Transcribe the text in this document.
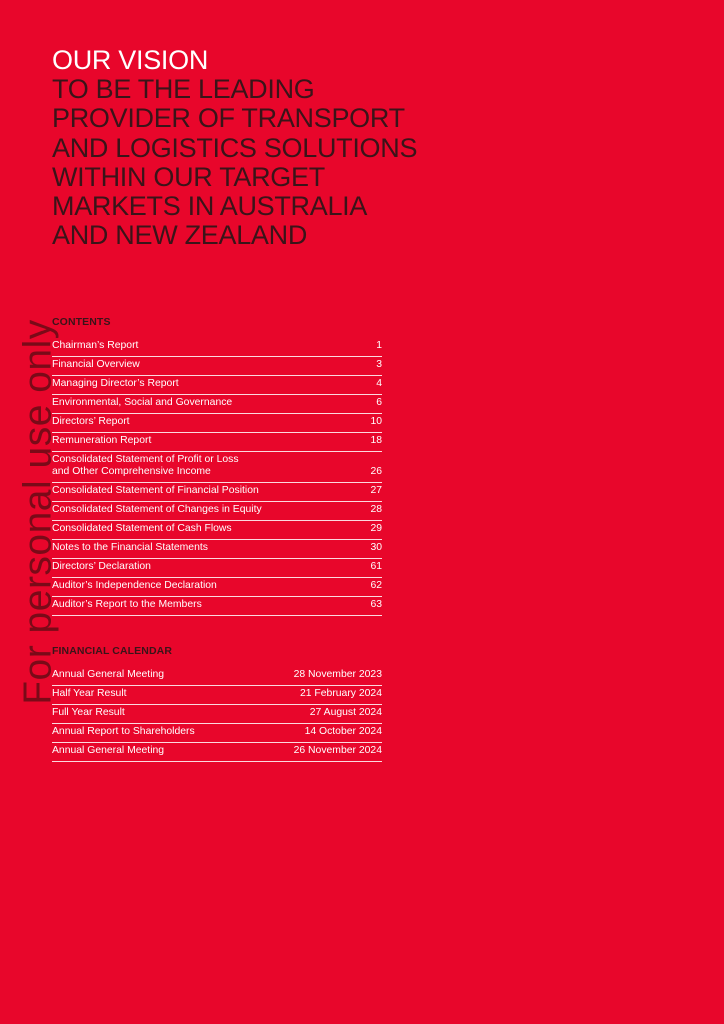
For personal use only
OUR VISION
TO BE THE LEADING
PROVIDER OF TRANSPORT
AND LOGISTICS SOLUTIONS
WITHIN OUR TARGET
MARKETS IN AUSTRALIA
AND NEW ZEALAND
CONTENTS
Chairman’s Report	1
Financial Overview	3
Managing Director’s Report	4
Environmental, Social and Governance	6
Directors’ Report	10
Remuneration Report	18
Consolidated Statement of Profit or Loss
and Other Comprehensive Income	26
Consolidated Statement of Financial Position	27
Consolidated Statement of Changes in Equity	28
Consolidated Statement of Cash Flows	29
Notes to the Financial Statements	30
Directors’ Declaration	61
Auditor’s Independence Declaration	62
Auditor’s Report to the Members	63
FINANCIAL CALENDAR
Annual General Meeting	28 November 2023
Half Year Result	21 February 2024
Full Year Result	27 August 2024
Annual Report to Shareholders	14 October 2024
Annual General Meeting	26 November 2024
